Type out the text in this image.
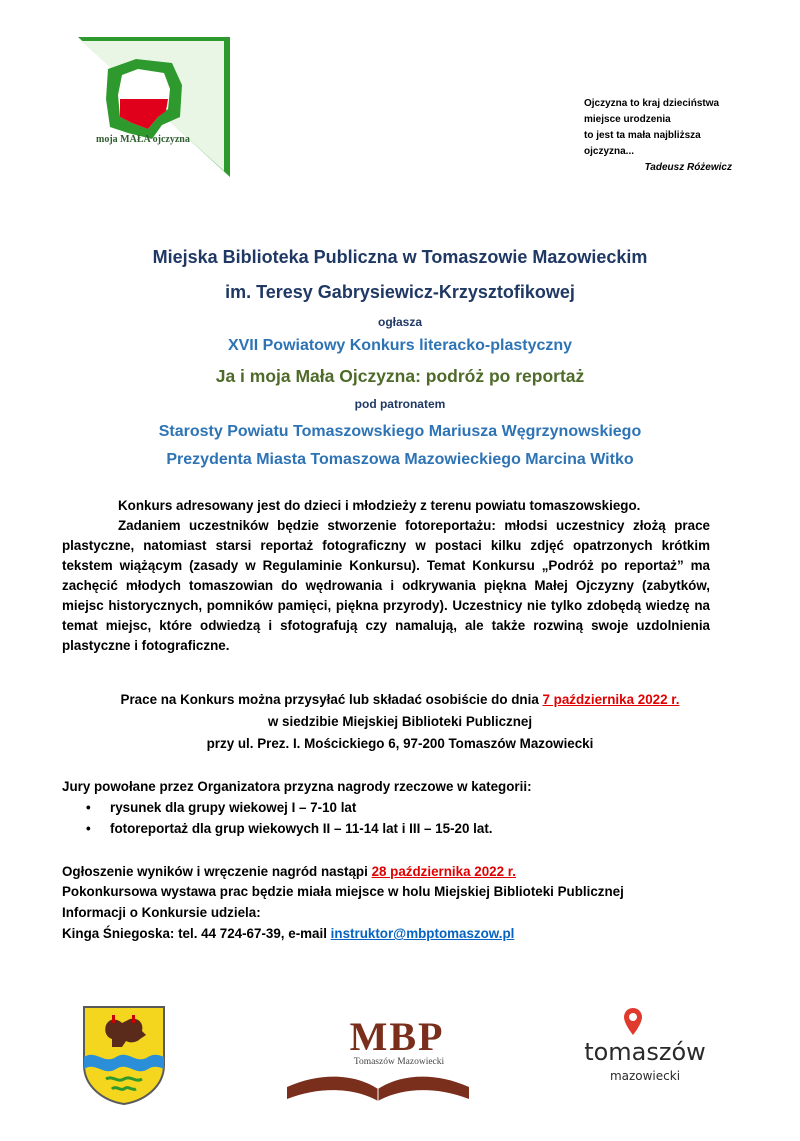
moja MAŁA ojczyzna
Ojczyzna to kraj dzieciństwa
miejsce urodzenia
to jest ta mała najbliższa
ojczyzna...
Tadeusz Różewicz
Miejska Biblioteka Publiczna w Tomaszowie Mazowieckim
im. Teresy Gabrysiewicz-Krzysztofikowej
ogłasza
XVII Powiatowy Konkurs literacko-plastyczny
Ja i moja Mała Ojczyzna: podróż po reportaż
pod patronatem
Starosty Powiatu Tomaszowskiego Mariusza Węgrzynowskiego
Prezydenta Miasta Tomaszowa Mazowieckiego Marcina Witko
Konkurs adresowany jest do dzieci i młodzieży z terenu powiatu tomaszowskiego.
Zadaniem uczestników będzie stworzenie fotoreportażu: młodsi uczestnicy złożą prace plastyczne, natomiast starsi reportaż fotograficzny w postaci kilku zdjęć opatrzonych krótkim tekstem wiążącym (zasady w Regulaminie Konkursu). Temat Konkursu „Podróż po reportaż” ma zachęcić młodych tomaszowian do wędrowania i odkrywania piękna Małej Ojczyzny (zabytków, miejsc historycznych, pomników pamięci, piękna przyrody). Uczestnicy nie tylko zdobędą wiedzę na temat miejsc, które odwiedzą i sfotografują czy namalują, ale także rozwiną swoje uzdolnienia plastyczne i fotograficzne.
Prace na Konkurs można przysyłać lub składać osobiście do dnia 7 października 2022 r.
w siedzibie Miejskiej Biblioteki Publicznej
przy ul. Prez. I. Mościckiego 6, 97-200 Tomaszów Mazowiecki
Jury powołane przez Organizatora przyzna nagrody rzeczowe w kategorii:
• rysunek dla grupy wiekowej I – 7-10 lat
• fotoreportaż dla grup wiekowych II – 11-14 lat i III – 15-20 lat.
Ogłoszenie wyników i wręczenie nagród nastąpi 28 października 2022 r.
Pokonkursowa wystawa prac będzie miała miejsce w holu Miejskiej Biblioteki Publicznej
Informacji o Konkursie udziela:
Kinga Śniegoska: tel. 44 724-67-39, e-mail instruktor@mbptomaszow.pl
MBP
Tomaszów Mazowiecki	tomaszów
mazowiecki
